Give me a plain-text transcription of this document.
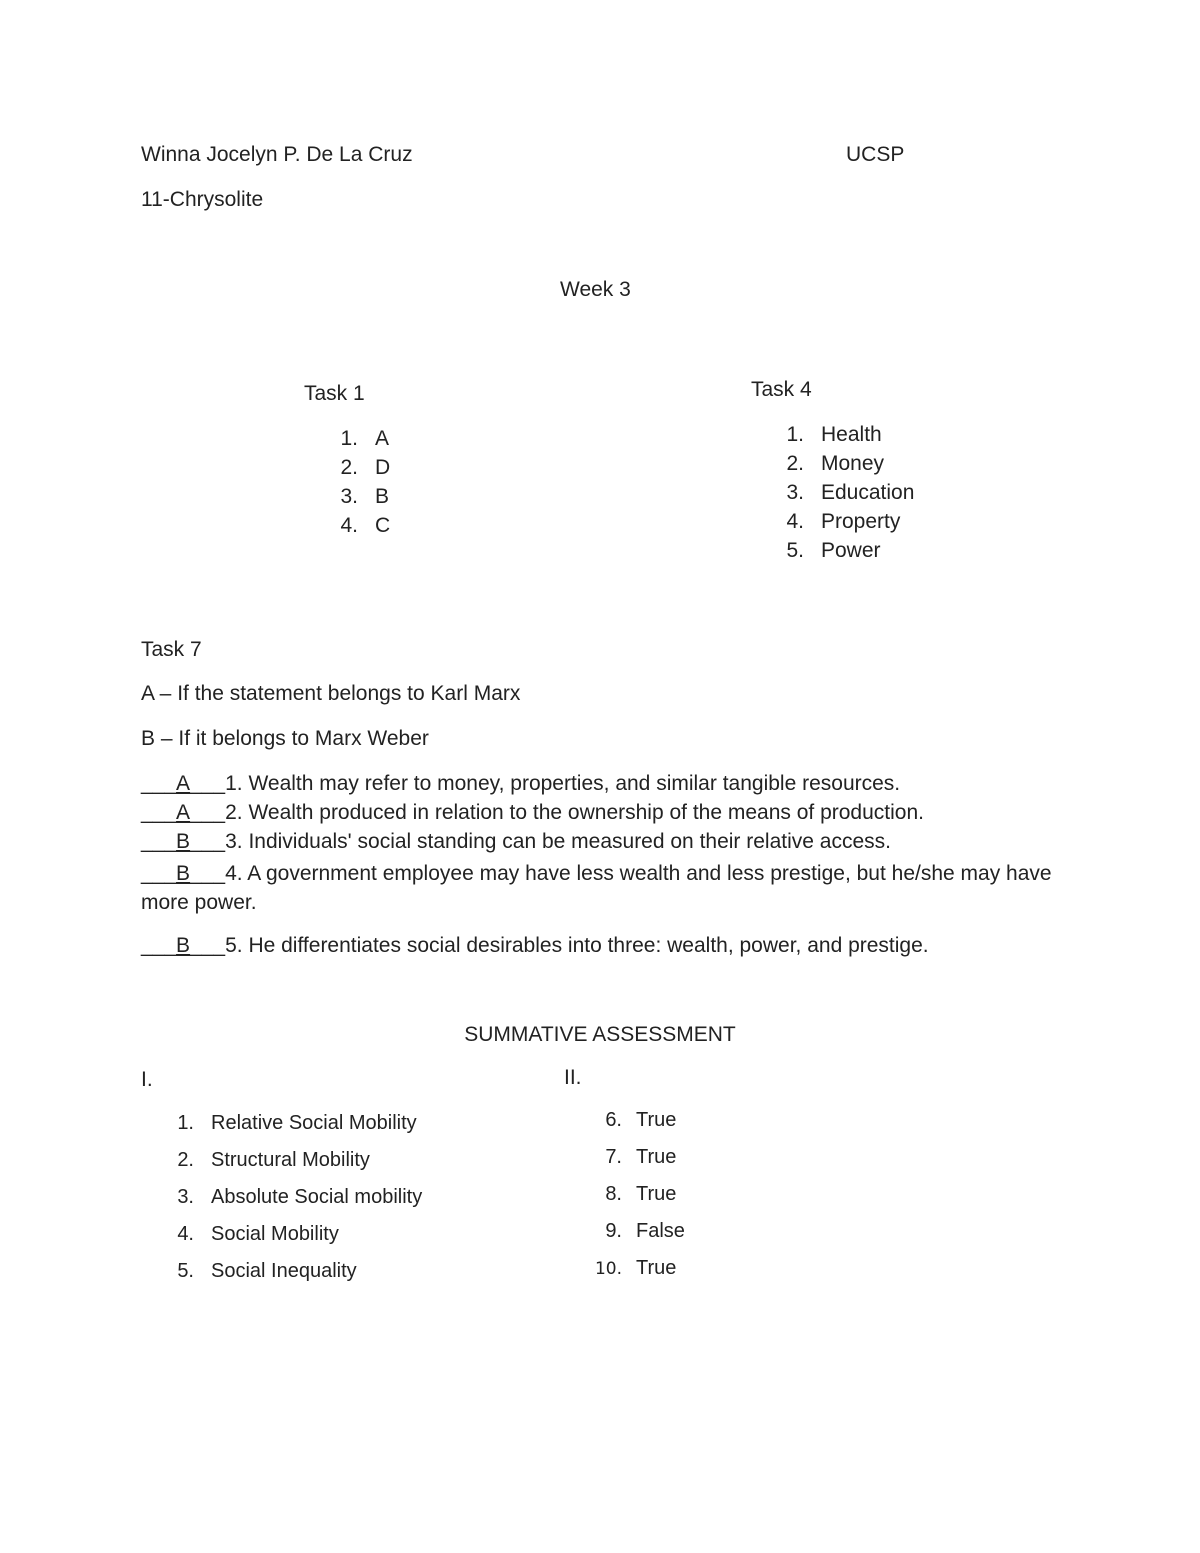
Winna Jocelyn P. De La Cruz	UCSP
11-Chrysolite
Week 3
Task 1
1. A
2. D
3. B
4. C
Task 4
1. Health
2. Money
3. Education
4. Property
5. Power
Task 7
A – If the statement belongs to Karl Marx
B – If it belongs to Marx Weber
___A___1. Wealth may refer to money, properties, and similar tangible resources.
___A___2. Wealth produced in relation to the ownership of the means of production.
___B___3. Individuals' social standing can be measured on their relative access.
___B___4. A government employee may have less wealth and less prestige, but he/she may have more power.
___B___5. He differentiates social desirables into three: wealth, power, and prestige.
SUMMATIVE ASSESSMENT
I.	II.
1. Relative Social Mobility
2. Structural Mobility
3. Absolute Social mobility
4. Social Mobility
5. Social Inequality
6. True
7. True
8. True
9. False
10. True
